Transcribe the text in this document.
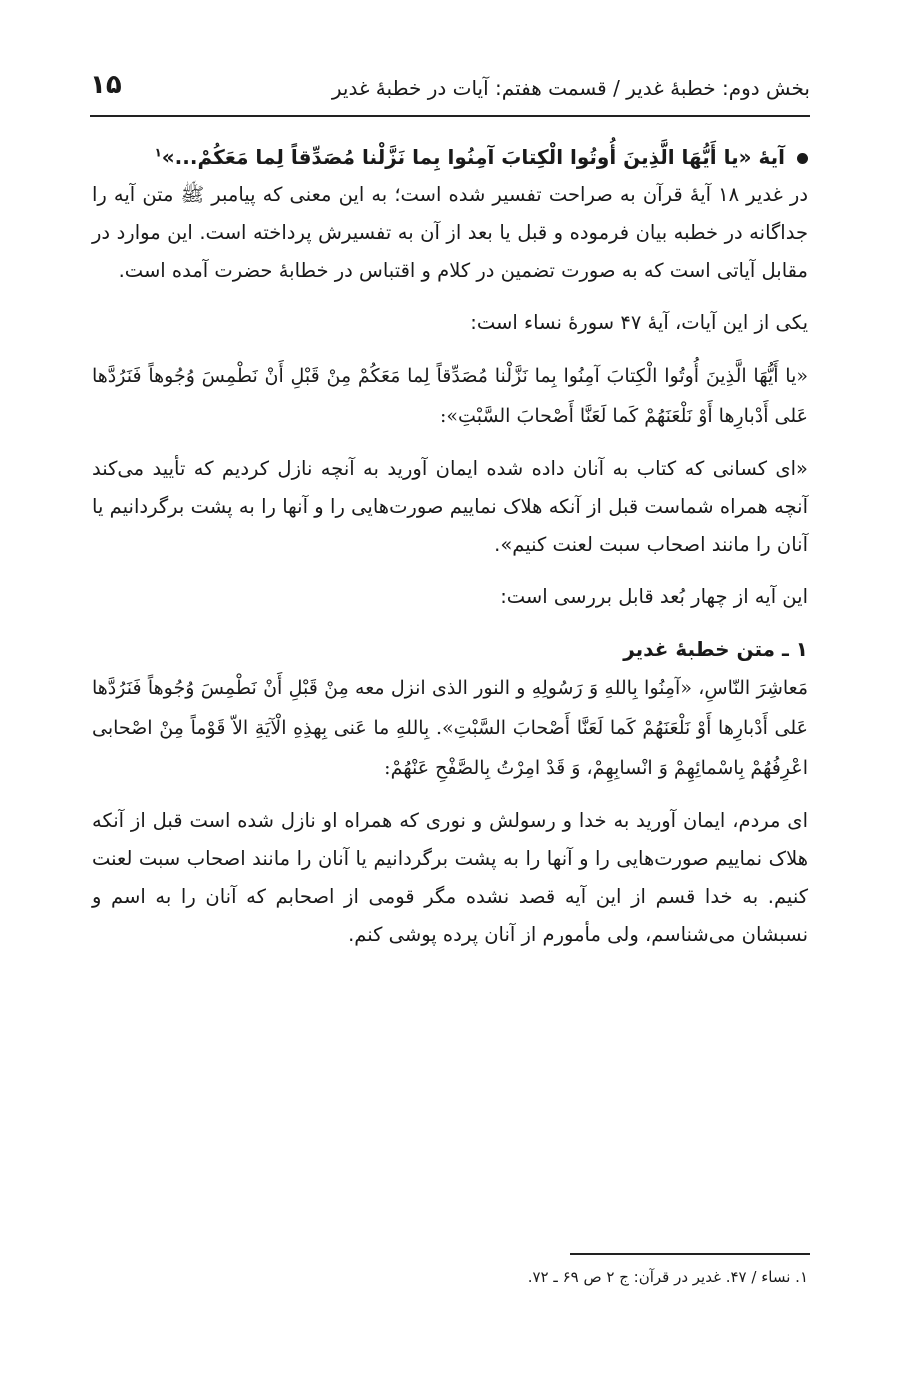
بخش دوم: خطبهٔ غدیر / قسمت هفتم: آیات در خطبهٔ غدیر
۱۵

آیهٔ «یا أَیُّهَا الَّذِینَ أُوتُوا الْکِتابَ آمِنُوا بِما نَزَّلْنا مُصَدِّقاً لِما مَعَکُمْ...»$^۱$

در غدیر ۱۸ آیهٔ قرآن به صراحت تفسیر شده است؛ به این معنی که پیامبر ﷺ متن آیه را جداگانه در خطبه بیان فرموده و قبل یا بعد از آن به تفسیرش پرداخته است. این موارد در مقابل آیاتی است که به صورت تضمین در کلام و اقتباس در خطابهٔ حضرت آمده است.

یکی از این آیات، آیهٔ ۴۷ سورهٔ نساء است:

«یا أَیُّهَا الَّذِینَ أُوتُوا الْکِتابَ آمِنُوا بِما نَزَّلْنا مُصَدِّقاً لِما مَعَکُمْ مِنْ قَبْلِ أَنْ نَطْمِسَ وُجُوهاً فَنَرُدَّها عَلی أَدْبارِها أَوْ نَلْعَنَهُمْ کَما لَعَنَّا أَصْحابَ السَّبْتِ»:

«ای کسانی که کتاب به آنان داده شده ایمان آورید به آنچه نازل کردیم که تأیید می‌کند آنچه همراه شماست قبل از آنکه هلاک نماییم صورت‌هایی را و آنها را به پشت برگردانیم یا آنان را مانند اصحاب سبت لعنت کنیم».

این آیه از چهار بُعد قابل بررسی است:

۱ ـ متن خطبهٔ غدیر

مَعاشِرَ النّاسِ، «آمِنُوا بِاللهِ وَ رَسُولِهِ و النور الذی انزل معه مِنْ قَبْلِ أَنْ نَطْمِسَ وُجُوهاً فَنَرُدَّها عَلی أَدْبارِها أَوْ نَلْعَنَهُمْ کَما لَعَنَّا أَصْحابَ السَّبْتِ». بِاللهِ ما عَنی بِهذِهِ الْآیَةِ الاّ قَوْماً مِنْ اصْحابی اعْرِفُهُمْ بِاسْمائِهِمْ وَ انْسابِهِمْ، وَ قَدْ امِرْتُ بِالصَّفْحِ عَنْهُمْ:

ای مردم، ایمان آورید به خدا و رسولش و نوری که همراه او نازل شده است قبل از آنکه هلاک نماییم صورت‌هایی را و آنها را به پشت برگردانیم یا آنان را مانند اصحاب سبت لعنت کنیم. به خدا قسم از این آیه قصد نشده مگر قومی از اصحابم که آنان را به اسم و نسبشان می‌شناسم، ولی مأمورم از آنان پرده پوشی کنم.

۱. نساء / ۴۷. غدیر در قرآن: ج ۲ ص ۶۹ ـ ۷۲.
